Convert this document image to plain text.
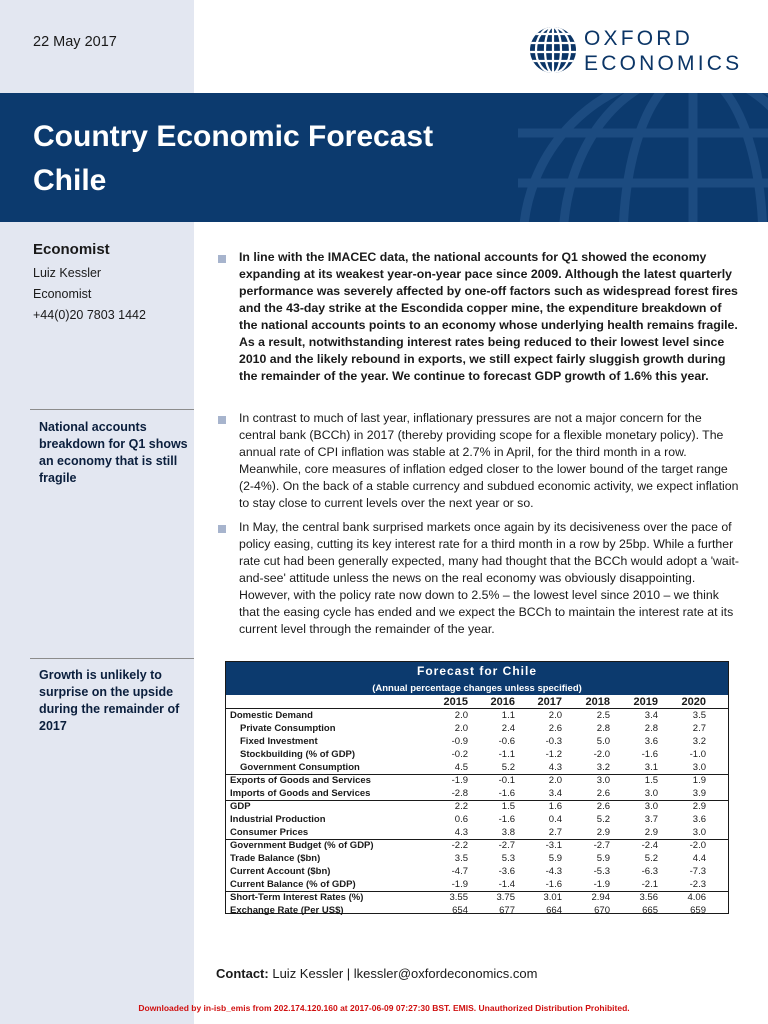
22 May 2017	OXFORD
ECONOMICS
Country Economic Forecast
Chile
Economist
Luiz Kessler
Economist
+44(0)20 7803 1442
National accounts breakdown for Q1 shows an economy that is still fragile
Growth is unlikely to surprise on the upside during the remainder of 2017
In line with the IMACEC data, the national accounts for Q1 showed the economy expanding at its weakest year-on-year pace since 2009. Although the latest quarterly performance was severely affected by one-off factors such as widespread forest fires and the 43-day strike at the Escondida copper mine, the expenditure breakdown of the national accounts points to an economy whose underlying health remains fragile. As a result, notwithstanding interest rates being reduced to their lowest level since 2010 and the likely rebound in exports, we still expect fairly sluggish growth during the remainder of the year. We continue to forecast GDP growth of 1.6% this year.
In contrast to much of last year, inflationary pressures are not a major concern for the central bank (BCCh) in 2017 (thereby providing scope for a flexible monetary policy). The annual rate of CPI inflation was stable at 2.7% in April, for the third month in a row. Meanwhile, core measures of inflation edged closer to the lower bound of the target range (2-4%). On the back of a stable currency and subdued economic activity, we expect inflation to stay close to current levels over the next year or so.
In May, the central bank surprised markets once again by its decisiveness over the pace of policy easing, cutting its key interest rate for a third month in a row by 25bp. While a further rate cut had been generally expected, many had thought that the BCCh would adopt a 'wait-and-see' attitude unless the news on the real economy was obviously disappointing. However, with the policy rate now down to 2.5% – the lowest level since 2010 – we think that the easing cycle has ended and we expect the BCCh to maintain the interest rate at its current level through the remainder of the year.
Forecast for Chile
(Annual percentage changes unless specified)
2015	2016	2017	2018	2019	2020
Domestic Demand	2.0	1.1	2.0	2.5	3.4	3.5
Private Consumption	2.0	2.4	2.6	2.8	2.8	2.7
Fixed Investment	-0.9	-0.6	-0.3	5.0	3.6	3.2
Stockbuilding (% of GDP)	-0.2	-1.1	-1.2	-2.0	-1.6	-1.0
Government Consumption	4.5	5.2	4.3	3.2	3.1	3.0
Exports of Goods and Services	-1.9	-0.1	2.0	3.0	1.5	1.9
Imports of Goods and Services	-2.8	-1.6	3.4	2.6	3.0	3.9
GDP	2.2	1.5	1.6	2.6	3.0	2.9
Industrial Production	0.6	-1.6	0.4	5.2	3.7	3.6
Consumer Prices	4.3	3.8	2.7	2.9	2.9	3.0
Government Budget (% of GDP)	-2.2	-2.7	-3.1	-2.7	-2.4	-2.0
Trade Balance ($bn)	3.5	5.3	5.9	5.9	5.2	4.4
Current Account ($bn)	-4.7	-3.6	-4.3	-5.3	-6.3	-7.3
Current Balance (% of GDP)	-1.9	-1.4	-1.6	-1.9	-2.1	-2.3
Short-Term Interest Rates (%)	3.55	3.75	3.01	2.94	3.56	4.06
Exchange Rate (Per US$)	654	677	664	670	665	659
Contact: Luiz Kessler | lkessler@oxfordeconomics.com
Downloaded by in-isb_emis from 202.174.120.160 at 2017-06-09 07:27:30 BST. EMIS. Unauthorized Distribution Prohibited.
